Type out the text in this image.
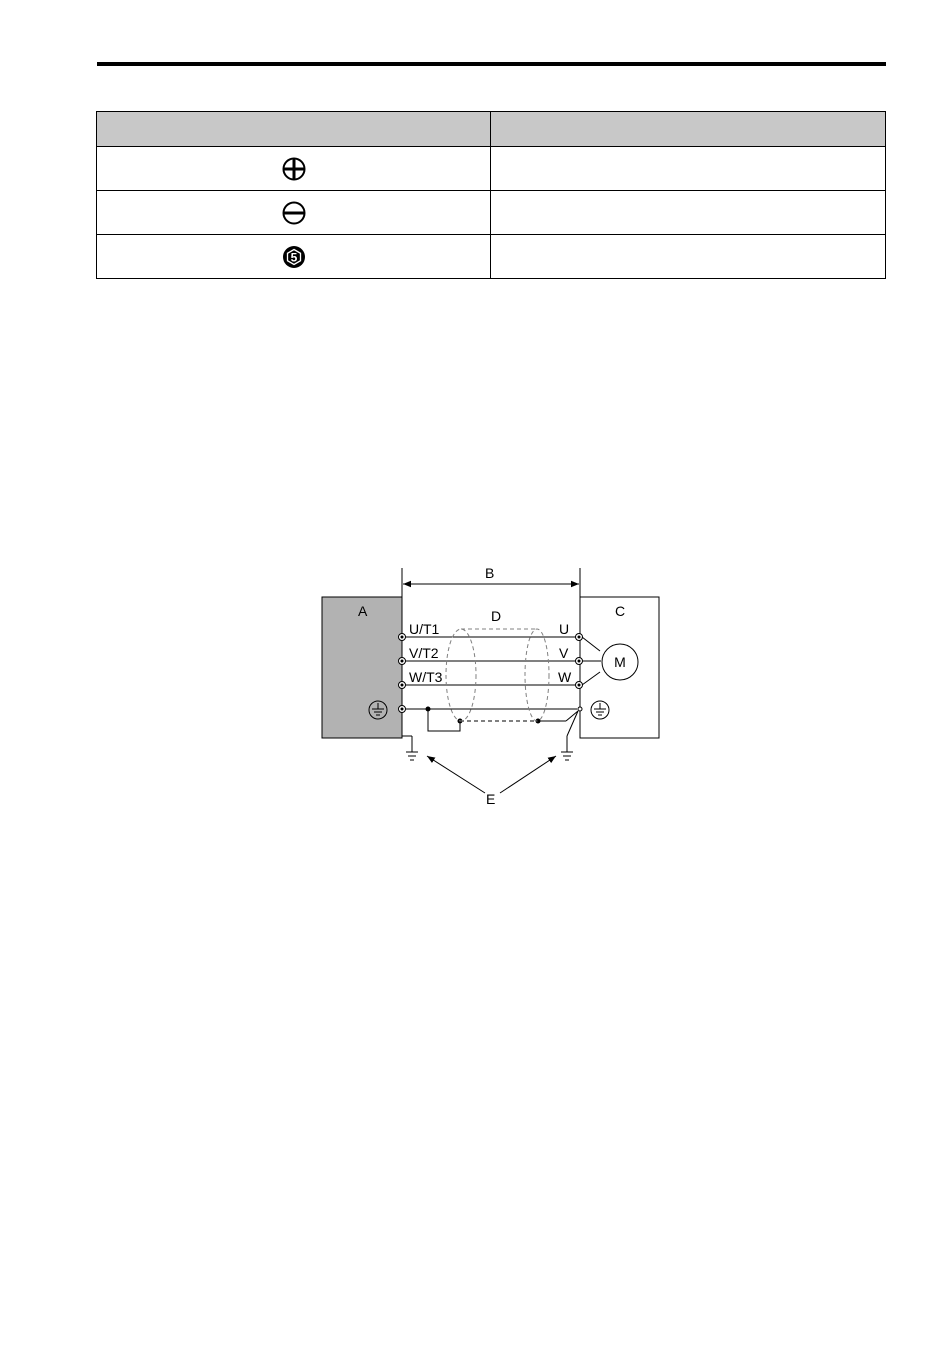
5	

A	C
B
U/T1
V/T2
W/T3
U
V
W
M
D
E
